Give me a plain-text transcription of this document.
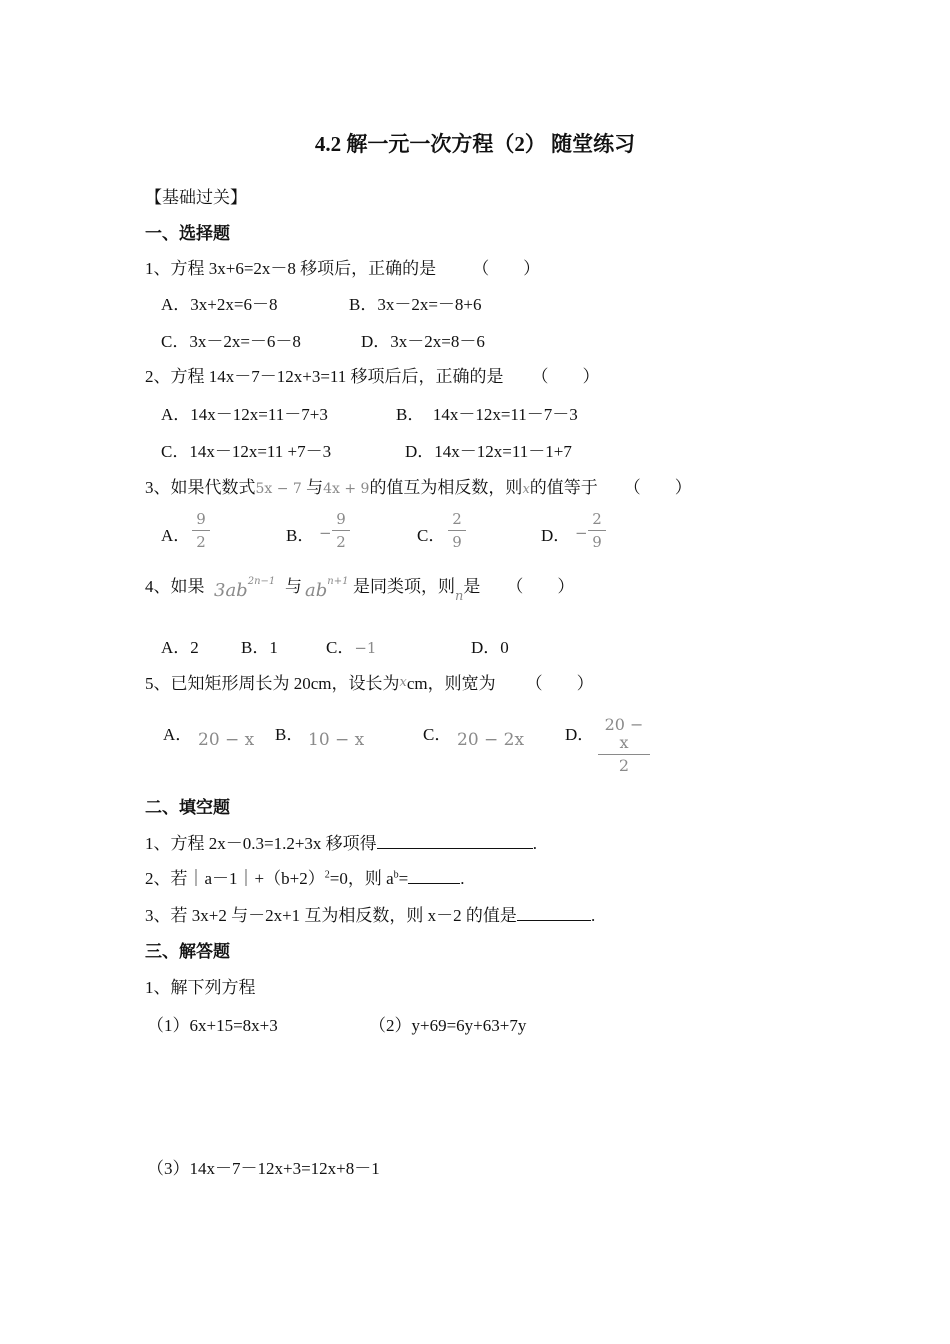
4.2 解一元一次方程（2） 随堂练习
【基础过关】
一、选择题
1、方程 3x+6=2x－8 移项后，正确的是 （　　）
A．3x+2x=6－8	B．3x－2x=－8+6
C．3x－2x=－6－8	D．3x－2x=8－6
2、方程 14x－7－12x+3=11 移项后后，正确的是 （　　）
A．14x－12x=11－7+3	B．　14x－12x=11－7－3
C．14x－12x=11 +7－3	D．14x－12x=11－1+7
3、如果代数式5x − 7 与4x + 9的值互为相反数，则x的值等于 （　　）
A．
9
2	B． −
9
2	C．
2
9	D． −
2
9
4、如果 $3ab^{2n-1}$ 与 $ab^{n+1}$ 是同类项，则$_n$是 （　　）
A．2 B．1	C．−1	D．0
5、已知矩形周长为 20cm，设长为xcm，则宽为 （　　）
A． 20 − x B． 10 − x	C． 20 − 2x D．
20 − x
2
二、填空题
1、方程 2x－0.3=1.2+3x 移项得	.
2、若$|a-1|+(b+2)^2=0$，则 $a^b=$	.
3、若 3x+2 与－2x+1 互为相反数，则 x－2 的值是	.
三、解答题
1、解下列方程
（1）6x+15=8x+3	（2）y+69=6y+63+7y
（3）14x－7－12x+3=12x+8－1
